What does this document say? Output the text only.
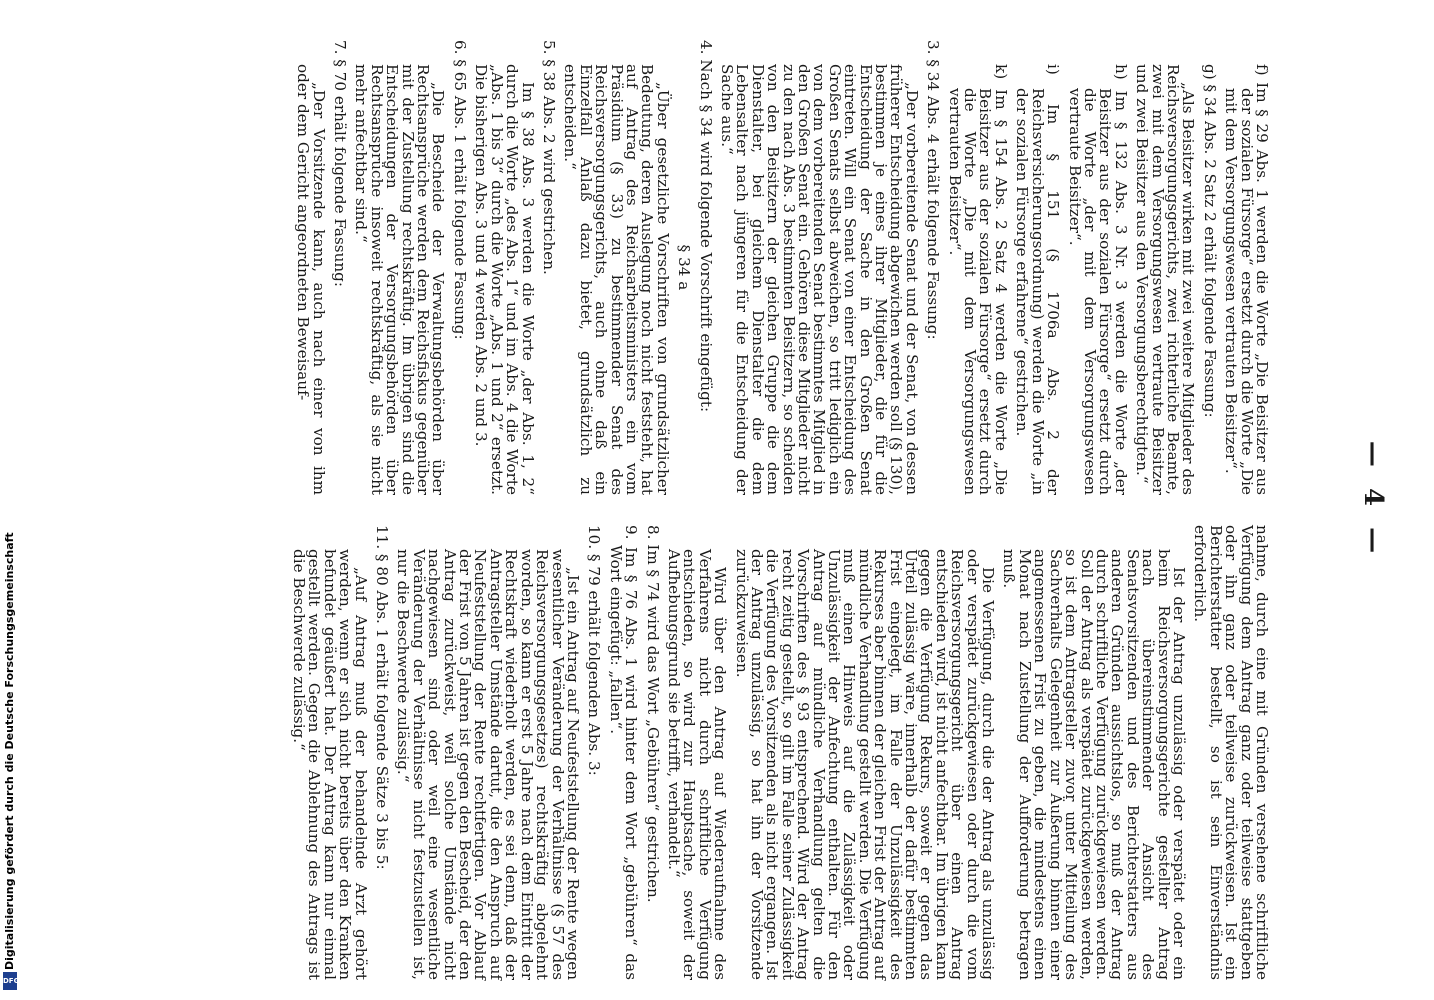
— 4 —

f) Im § 29 Abs. 1 werden die Worte „Die Beisitzer aus der sozialen Fürsorge“ ersetzt durch die Worte „Die mit dem Versorgungswesen vertrauten Beisitzer“.

g) § 34 Abs. 2 Satz 2 erhält folgende Fassung:

„Als Beisitzer wirken mit zwei weitere Mitglieder des Reichsversorgungsgerichts, zwei richterliche Beamte, zwei mit dem Versorgungswesen vertraute Beisitzer und zwei Beisitzer aus den Versorgungsberechtigten.“

h) Im § 132 Abs. 3 Nr. 3 werden die Worte „der Beisitzer aus der sozialen Fürsorge“ ersetzt durch die Worte „der mit dem Versorgungswesen vertraute Beisitzer“.

i) Im § 151 (§ 1706a Abs. 2 der Reichsversicherungsordnung) werden die Worte „in der sozialen Fürsorge erfahrene“ gestrichen.

k) Im § 154 Abs. 2 Satz 4 werden die Worte „Die Beisitzer aus der sozialen Fürsorge“ ersetzt durch die Worte „Die mit dem Versorgungswesen vertrauten Beisitzer“.

3. § 34 Abs. 4 erhält folgende Fassung:

„Der vorbereitende Senat und der Senat, von dessen früherer Entscheidung abgewichen werden soll (§ 130), bestimmen je eines ihrer Mitglieder, die für die Entscheidung der Sache in den Großen Senat eintreten. Will ein Senat von einer Entscheidung des Großen Senats selbst abweichen, so tritt lediglich ein von dem vorbereitenden Senat bestimmtes Mitglied in den Großen Senat ein. Gehören diese Mitglieder nicht zu den nach Abs. 3 bestimmten Beisitzern, so scheiden von den Beisitzern der gleichen Gruppe die dem Dienstalter, bei gleichem Dienstalter die dem Lebensalter nach jüngeren für die Entscheidung der Sache aus.“

4. Nach § 34 wird folgende Vorschrift eingefügt:

§ 34 a

„Über gesetzliche Vorschriften von grundsätzlicher Bedeutung, deren Auslegung noch nicht feststeht, hat auf Antrag des Reichsarbeitsministers ein vom Präsidium (§ 33) zu bestimmender Senat des Reichsversorgungsgerichts, auch ohne daß ein Einzelfall Anlaß dazu bietet, grundsätzlich zu entscheiden.“

5. § 38 Abs. 2 wird gestrichen.

Im § 38 Abs. 3 werden die Worte „der Abs. 1, 2“ durch die Worte „des Abs. 1“ und im Abs. 4 die Worte „Abs. 1 bis 3“ durch die Worte „Abs. 1 und 2“ ersetzt. Die bisherigen Abs. 3 und 4 werden Abs. 2 und 3.

6. § 65 Abs. 1 erhält folgende Fassung:

„Die Bescheide der Verwaltungsbehörden über Rechtsansprüche werden dem Reichsfiskus gegenüber mit der Zustellung rechtskräftig. Im übrigen sind die Entscheidungen der Versorgungsbehörden über Rechtsansprüche insoweit rechtskräftig, als sie nicht mehr anfechtbar sind.“

7. § 70 erhält folgende Fassung:

„Der Vorsitzende kann, auch nach einer von ihm oder dem Gericht angeordneten Beweisauf-

nahme, durch eine mit Gründen versehene schriftliche Verfügung dem Antrag ganz oder teilweise stattgeben oder ihn ganz oder teilweise zurückweisen. Ist ein Berichterstatter bestellt, so ist sein Einverständnis erforderlich.

Ist der Antrag unzulässig oder verspätet oder ein beim Reichsversorgungsgerichte gestellter Antrag nach übereinstimmender Ansicht des Senatsvorsitzenden und des Berichterstatters aus anderen Gründen aussichtslos, so muß der Antrag durch schriftliche Verfügung zurückgewiesen werden. Soll der Antrag als verspätet zurückgewiesen werden, so ist dem Antragsteller zuvor unter Mitteilung des Sachverhalts Gelegenheit zur Äußerung binnen einer angemessenen Frist zu geben, die mindestens einen Monat nach Zustellung der Aufforderung betragen muß.

Die Verfügung, durch die der Antrag als unzulässig oder verspätet zurückgewiesen oder durch die vom Reichsversorgungsgericht über einen Antrag entschieden wird, ist nicht anfechtbar. Im übrigen kann gegen die Verfügung Rekurs, soweit er gegen das Urteil zulässig wäre, innerhalb der dafür bestimmten Frist eingelegt, im Falle der Unzulässigkeit des Rekurses aber binnen der gleichen Frist der Antrag auf mündliche Verhandlung gestellt werden. Die Verfügung muß einen Hinweis auf die Zulässigkeit oder Unzulässigkeit der Anfechtung enthalten. Für den Antrag auf mündliche Verhandlung gelten die Vorschriften des § 93 entsprechend. Wird der Antrag recht zeitig gestellt, so gilt im Falle seiner Zulässigkeit die Verfügung des Vorsitzenden als nicht ergangen. Ist der Antrag unzulässig, so hat ihn der Vorsitzende zurückzuweisen.

Wird über den Antrag auf Wiederaufnahme des Verfahrens nicht durch schriftliche Verfügung entschieden, so wird zur Hauptsache, soweit der Aufhebungsgrund sie betrifft, verhandelt.“

8. Im § 74 wird das Wort „Gebühren“ gestrichen.

9. Im § 76 Abs. 1 wird hinter dem Wort „gebühren“ das Wort eingefügt: „fallen“.

10. § 79 erhält folgenden Abs. 3:

„Ist ein Antrag auf Neufeststellung der Rente wegen wesentlicher Veränderung der Verhältnisse (§ 57 des Reichsversorgungsgesetzes) rechtskräftig abgelehnt worden, so kann er erst 5 Jahre nach dem Eintritt der Rechtskraft wiederholt werden, es sei denn, daß der Antragsteller Umstände dartut, die den Anspruch auf Neufeststellung der Rente rechtfertigen. Vor Ablauf der Frist von 5 Jahren ist gegen den Bescheid, der den Antrag zurückweist, weil solche Umstände nicht nachgewiesen sind oder weil eine wesentliche Veränderung der Verhältnisse nicht festzustellen ist, nur die Beschwerde zulässig.“

11. § 80 Abs. 1 erhält folgende Sätze 3 bis 5:

„Auf Antrag muß der behandelnde Arzt gehört werden, wenn er sich nicht bereits über den Kranken befundet geäußert hat. Der Antrag kann nur einmal gestellt werden. Gegen die Ablehnung des Antrags ist die Beschwerde zulässig.“

Digitalisierung gefördert durch die Deutsche Forschungsgemeinschaft
DFG
